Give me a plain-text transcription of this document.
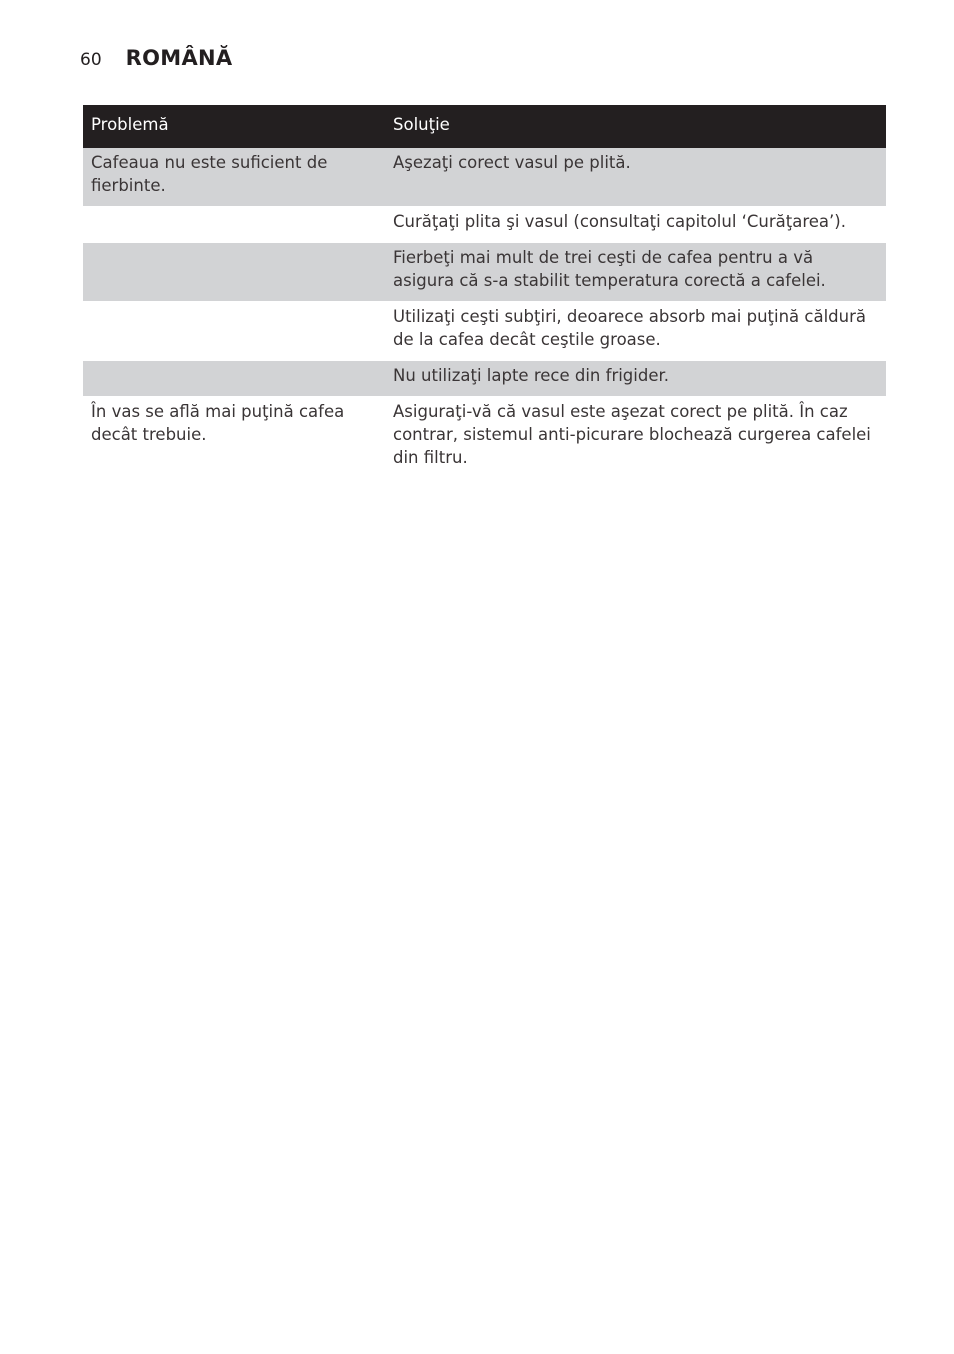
60 ROMÂNĂ
Problemă	Soluţie
Cafeaua nu este suficient de fierbinte.	Aşezaţi corect vasul pe plită.
	Curăţaţi plita şi vasul (consultaţi capitolul ‘Curăţarea’).
	Fierbeţi mai mult de trei ceşti de cafea pentru a vă asigura că s-a stabilit temperatura corectă a cafelei.
	Utilizaţi ceşti subţiri, deoarece absorb mai puţină căldură de la cafea decât ceştile groase.
	Nu utilizaţi lapte rece din frigider.
În vas se află mai puţină cafea decât trebuie.	Asiguraţi-vă că vasul este aşezat corect pe plită. În caz contrar, sistemul anti-picurare blochează curgerea cafelei din filtru.
